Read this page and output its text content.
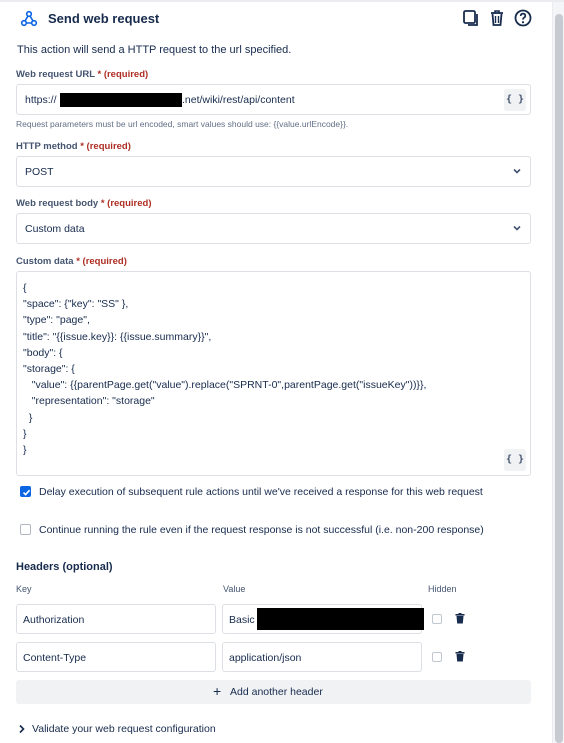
Send web request
This action will send a HTTP request to the url specified.
Web request URL * (required)
https://	.net/wiki/rest/api/content	{ }
Request parameters must be url encoded, smart values should use: {{value.urlEncode}}.
HTTP method * (required)
POST
Web request body * (required)
Custom data
Custom data * (required)
{
"space": {"key": "SS" },
"type": "page",
"title": "{{issue.key}}: {{issue.summary}}",
"body": {
"storage": {
"value": {{parentPage.get("value").replace("SPRNT-0",parentPage.get("issueKey"))}},
"representation": "storage"
}
}
}
{ }
Delay execution of subsequent rule actions until we've received a response for this web request
Continue running the rule even if the request response is not successful (i.e. non-200 response)
Headers (optional)
Key	Value	Hidden
Authorization	Basic
Content-Type	application/json
+ Add another header
Validate your web request configuration
